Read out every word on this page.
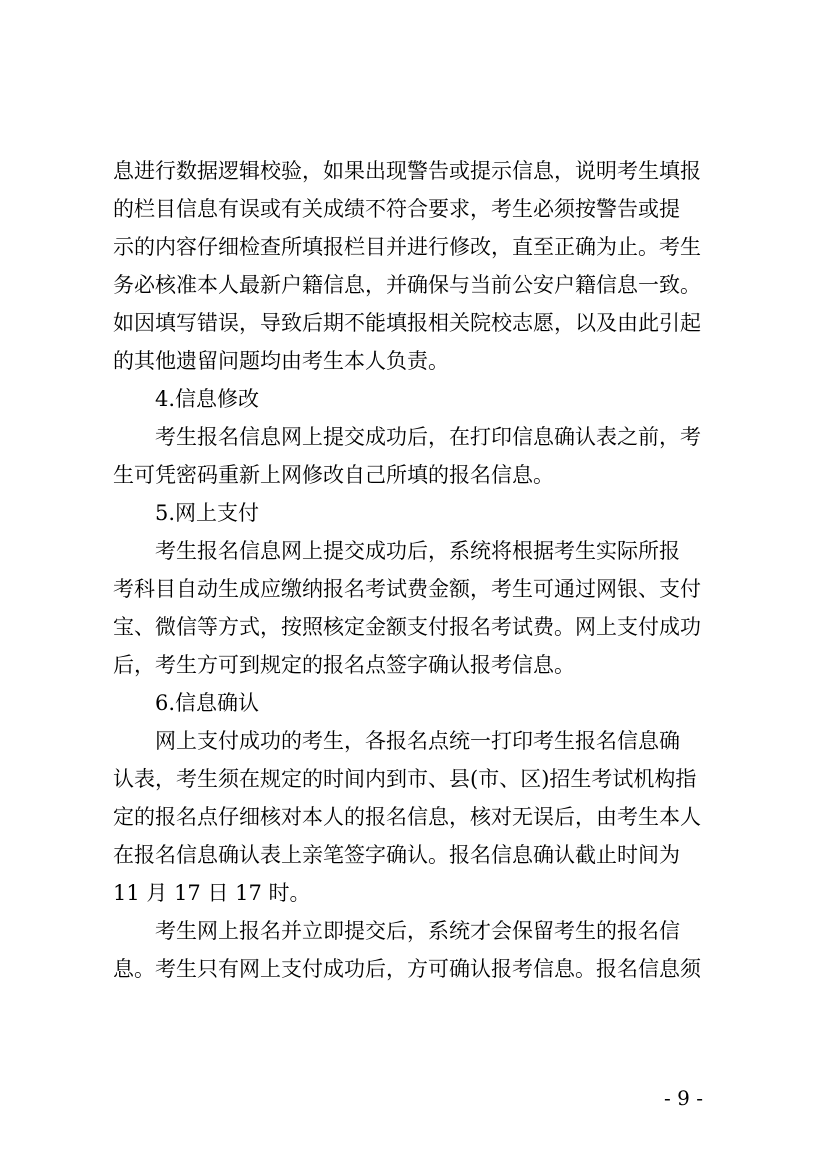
息进行数据逻辑校验，如果出现警告或提示信息，说明考生填报
的栏目信息有误或有关成绩不符合要求，考生必须按警告或提
示的内容仔细检查所填报栏目并进行修改，直至正确为止。考生
务必核准本人最新户籍信息，并确保与当前公安户籍信息一致。
如因填写错误，导致后期不能填报相关院校志愿，以及由此引起
的其他遗留问题均由考生本人负责。
4.信息修改
考生报名信息网上提交成功后，在打印信息确认表之前，考
生可凭密码重新上网修改自己所填的报名信息。
5.网上支付
考生报名信息网上提交成功后，系统将根据考生实际所报
考科目自动生成应缴纳报名考试费金额，考生可通过网银、支付
宝、微信等方式，按照核定金额支付报名考试费。网上支付成功
后，考生方可到规定的报名点签字确认报考信息。
6.信息确认
网上支付成功的考生，各报名点统一打印考生报名信息确
认表，考生须在规定的时间内到市、县(市、区)招生考试机构指
定的报名点仔细核对本人的报名信息，核对无误后，由考生本人
在报名信息确认表上亲笔签字确认。报名信息确认截止时间为
11 月 17 日 17 时。
考生网上报名并立即提交后，系统才会保留考生的报名信
息。考生只有网上支付成功后，方可确认报考信息。报名信息须
- 9 -
